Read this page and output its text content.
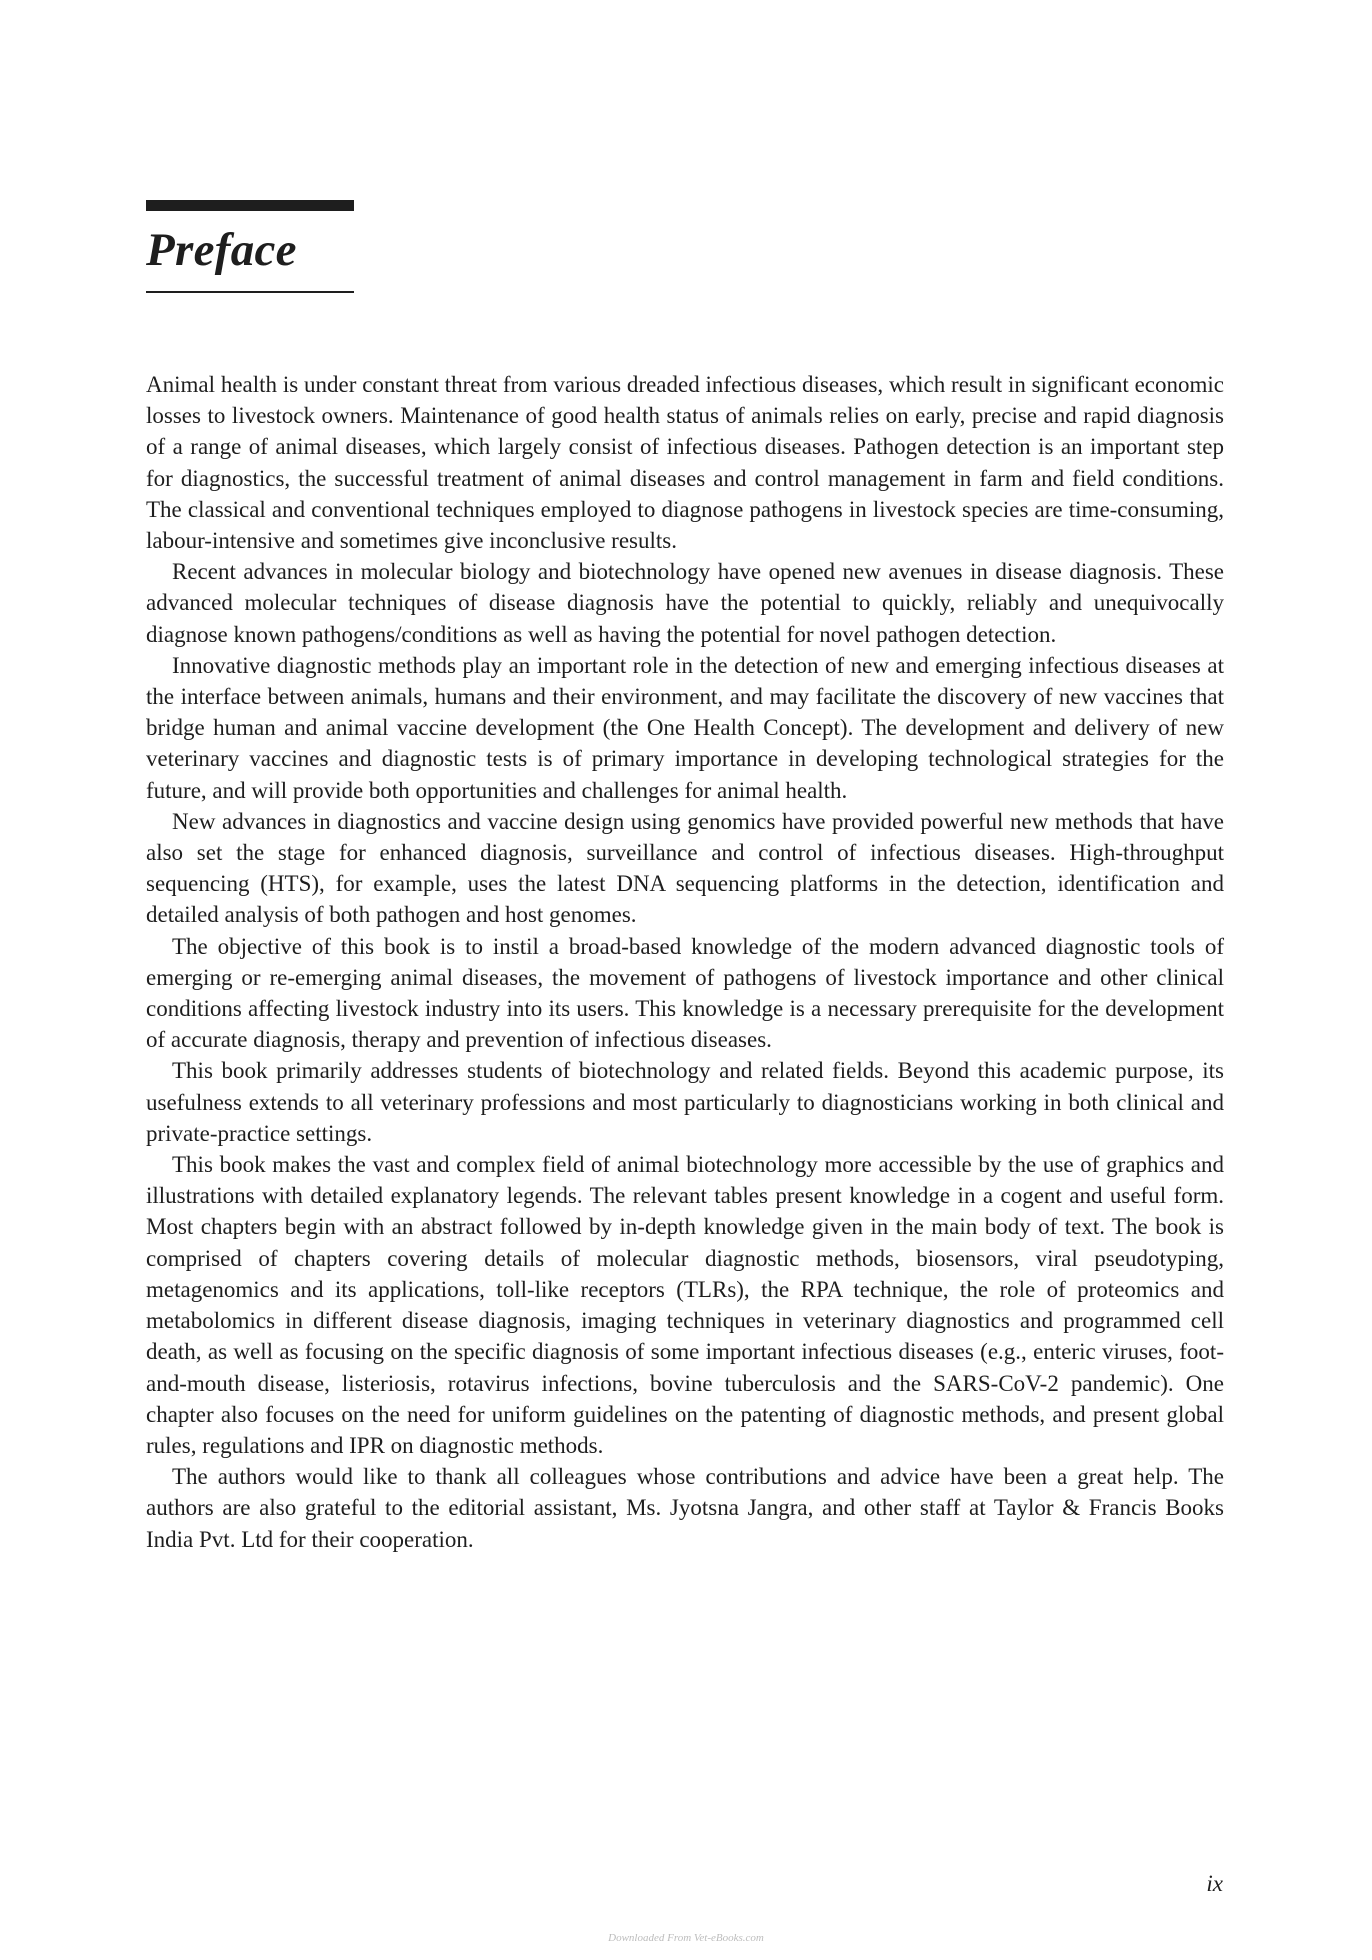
Preface

Animal health is under constant threat from various dreaded infectious diseases, which result in significant economic losses to livestock owners. Maintenance of good health status of animals relies on early, precise and rapid diagnosis of a range of animal diseases, which largely consist of infectious diseases. Pathogen detection is an important step for diagnostics, the successful treatment of animal diseases and control management in farm and field conditions. The classical and conventional techniques employed to diagnose pathogens in livestock species are time-consuming, labour-intensive and sometimes give inconclusive results.

Recent advances in molecular biology and biotechnology have opened new avenues in disease diagnosis. These advanced molecular techniques of disease diagnosis have the potential to quickly, reliably and unequivocally diagnose known pathogens/conditions as well as having the potential for novel pathogen detection.

Innovative diagnostic methods play an important role in the detection of new and emerging infectious diseases at the interface between animals, humans and their environment, and may facilitate the discovery of new vaccines that bridge human and animal vaccine development (the One Health Concept). The development and delivery of new veterinary vaccines and diagnostic tests is of primary importance in developing technological strategies for the future, and will provide both opportunities and challenges for animal health.

New advances in diagnostics and vaccine design using genomics have provided powerful new methods that have also set the stage for enhanced diagnosis, surveillance and control of infectious diseases. High-throughput sequencing (HTS), for example, uses the latest DNA sequencing platforms in the detection, identification and detailed analysis of both pathogen and host genomes.

The objective of this book is to instil a broad-based knowledge of the modern advanced diagnostic tools of emerging or re-emerging animal diseases, the movement of pathogens of livestock importance and other clinical conditions affecting livestock industry into its users. This knowledge is a necessary prerequisite for the development of accurate diagnosis, therapy and prevention of infectious diseases.

This book primarily addresses students of biotechnology and related fields. Beyond this academic purpose, its usefulness extends to all veterinary professions and most particularly to diagnosticians working in both clinical and private-practice settings.

This book makes the vast and complex field of animal biotechnology more accessible by the use of graphics and illustrations with detailed explanatory legends. The relevant tables present knowledge in a cogent and useful form. Most chapters begin with an abstract followed by in-depth knowledge given in the main body of text. The book is comprised of chapters covering details of molecular diagnostic methods, biosensors, viral pseudotyping, metagenomics and its applications, toll-like receptors (TLRs), the RPA technique, the role of proteomics and metabolomics in different disease diagnosis, imaging techniques in veterinary diagnostics and programmed cell death, as well as focusing on the specific diagnosis of some important infectious diseases (e.g., enteric viruses, foot-and-mouth disease, listeriosis, rotavirus infections, bovine tuberculosis and the SARS-CoV-2 pandemic). One chapter also focuses on the need for uniform guidelines on the patenting of diagnostic methods, and present global rules, regulations and IPR on diagnostic methods.

The authors would like to thank all colleagues whose contributions and advice have been a great help. The authors are also grateful to the editorial assistant, Ms. Jyotsna Jangra, and other staff at Taylor & Francis Books India Pvt. Ltd for their cooperation.

ix
Downloaded From Vet-eBooks.com
